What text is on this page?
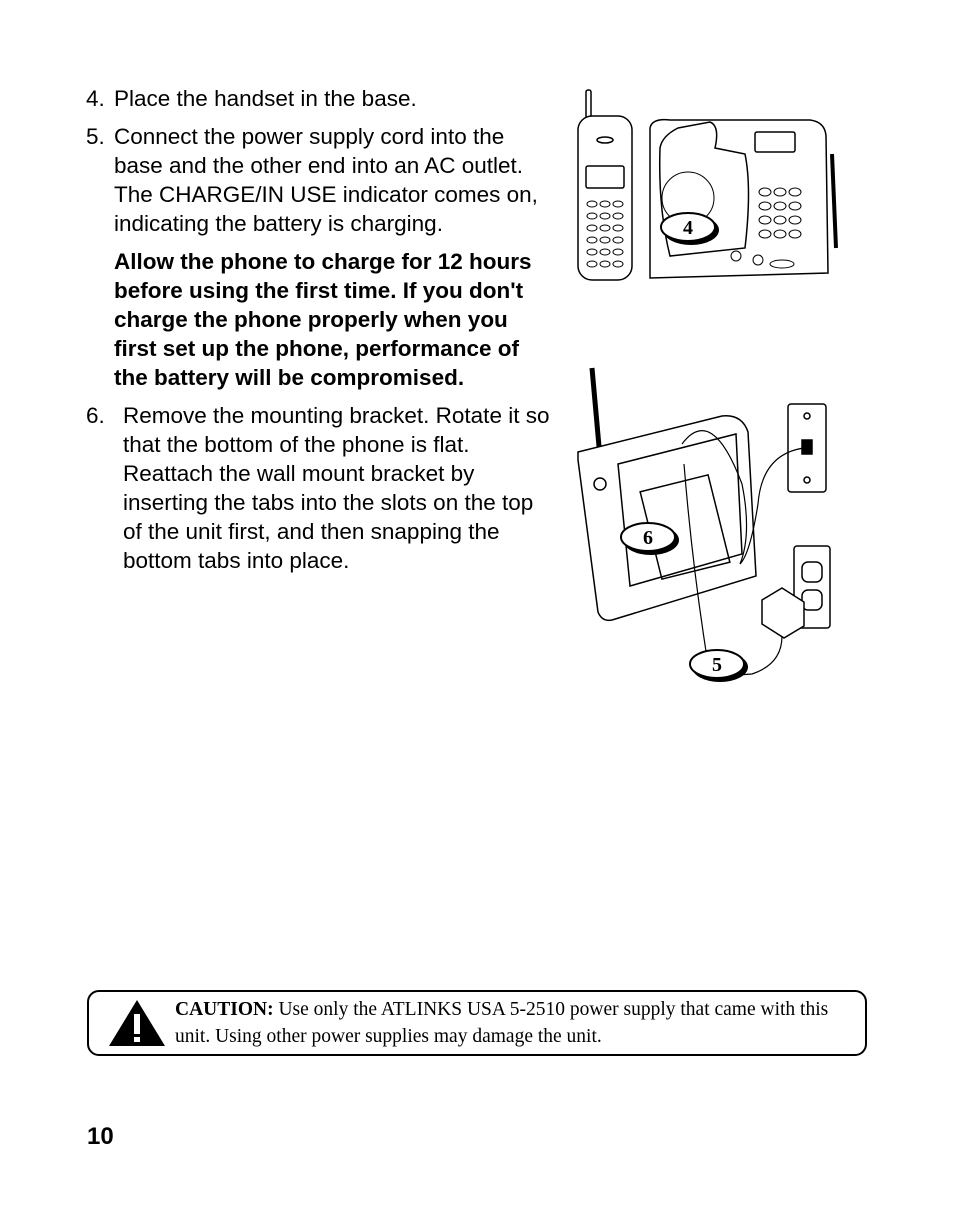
4. Place the handset in the base.
5. Connect the power supply cord into the base and the other end into an AC outlet. The CHARGE/IN USE indicator comes on, indicating the battery is charging.
Allow the phone to charge for 12 hours before using the first time. If you don't charge the phone properly when you first set up the phone, performance of the battery will be compromised.
6. Remove the mounting bracket. Rotate it so that the bottom of the phone is flat. Reattach the wall mount bracket by inserting the tabs into the slots on the top of the unit first, and then snapping the bottom tabs into place.
4
6
5
CAUTION: Use only the ATLINKS USA 5-2510 power supply that came with this unit. Using other power supplies may damage the unit.
10
